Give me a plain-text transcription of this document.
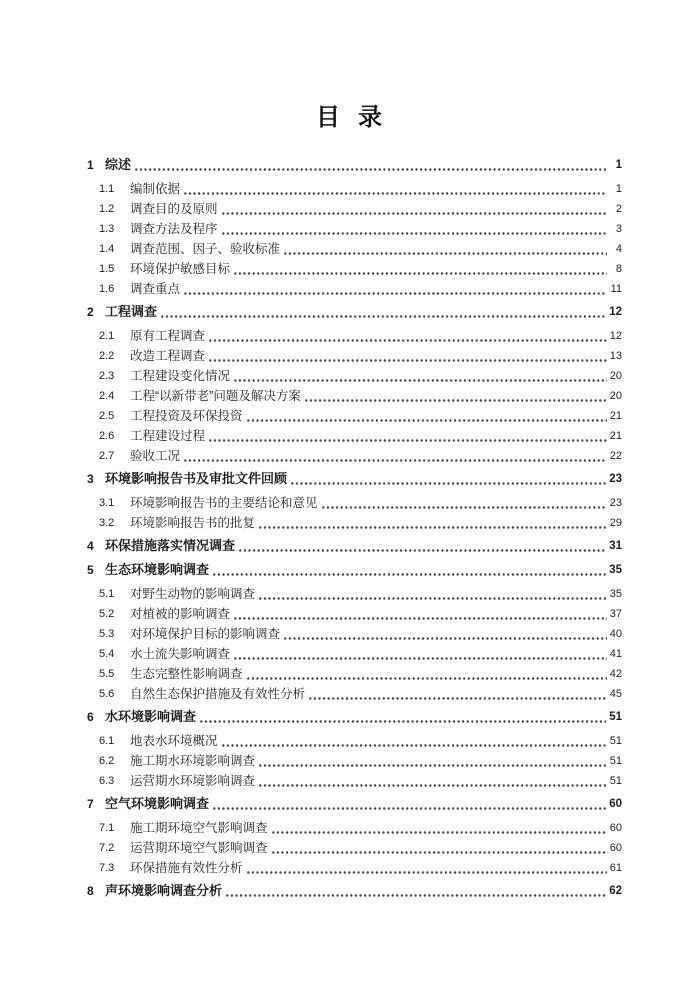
目  录
1 综述	1
1.1	编制依据	1
1.2	调查目的及原则	2
1.3	调查方法及程序	3
1.4	调查范围、因子、验收标准	4
1.5	环境保护敏感目标	8
1.6	调查重点	11
2 工程调查	12
2.1	原有工程调查	12
2.2	改造工程调查	13
2.3	工程建设变化情况	20
2.4	工程“以新带老”问题及解决方案	20
2.5	工程投资及环保投资	21
2.6	工程建设过程	21
2.7	验收工况	22
3 环境影响报告书及审批文件回顾	23
3.1	环境影响报告书的主要结论和意见	23
3.2	环境影响报告书的批复	29
4 环保措施落实情况调查	31
5 生态环境影响调查	35
5.1	对野生动物的影响调查	35
5.2	对植被的影响调查	37
5.3	对环境保护目标的影响调查	40
5.4	水土流失影响调查	41
5.5	生态完整性影响调查	42
5.6	自然生态保护措施及有效性分析	45
6 水环境影响调查	51
6.1	地表水环境概况	51
6.2	施工期水环境影响调查	51
6.3	运营期水环境影响调查	51
7 空气环境影响调查	60
7.1	施工期环境空气影响调查	60
7.2	运营期环境空气影响调查	60
7.3	环保措施有效性分析	61
8 声环境影响调查分析	62
